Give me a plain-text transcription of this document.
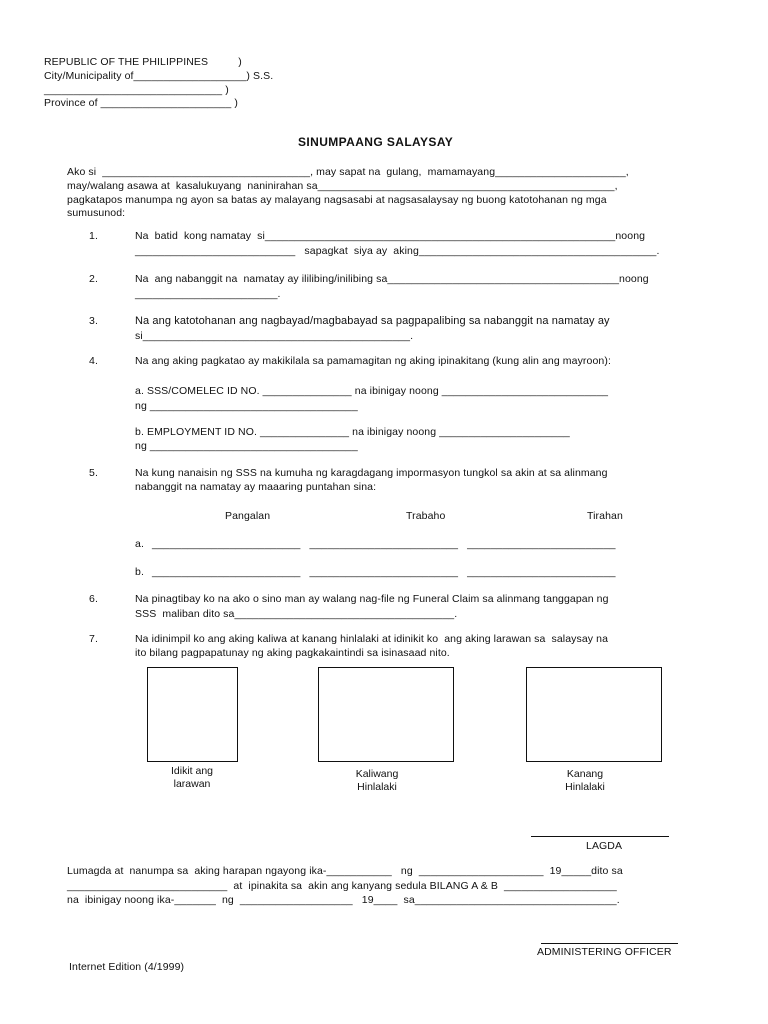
REPUBLIC OF THE PHILIPPINES          )
City/Municipality of___________________) S.S.
______________________________ )
Province of ______________________ )
SINUMPAANG SALAYSAY
Ako si  ___________________________________, may sapat na  gulang,  mamamayang______________________,
may/walang asawa at  kasalukuyang  naninirahan sa__________________________________________________,
pagkatapos manumpa ng ayon sa batas ay malayang nagsasabi at nagsasalaysay ng buong katotohanan ng mga
sumusunod:
1.	Na  batid  kong namatay  si___________________________________________________________noong
___________________________   sapagkat  siya ay  aking________________________________________.
2.	Na  ang nabanggit na  namatay ay ililibing/inilibing sa_______________________________________noong
________________________.
3.	Na ang katotohanan ang nagbayad/magbabayad sa pagpapalibing sa nabanggit na namatay ay
si_____________________________________________.
4.	Na ang aking pagkatao ay makikilala sa pamamagitan ng aking ipinakitang (kung alin ang mayroon):
a. SSS/COMELEC ID NO. _______________ na ibinigay noong ____________________________
ng ___________________________________
b. EMPLOYMENT ID NO. _______________ na ibinigay noong ______________________
ng ___________________________________
5.	Na kung nanaisin ng SSS na kumuha ng karagdagang impormasyon tungkol sa akin at sa alinmang
nabanggit na namatay ay maaaring puntahan sina:
Pangalan	Trabaho	Tirahan
a. _________________________   _________________________   _________________________
b. _________________________   _________________________   _________________________
6.	Na pinagtibay ko na ako o sino man ay walang nag-file ng Funeral Claim sa alinmang tanggapan ng
SSS  maliban dito sa_____________________________________.
7.	Na idinimpil ko ang aking kaliwa at kanang hinlalaki at idinikit ko  ang aking larawan sa  salaysay na
ito bilang pagpapatunay ng aking pagkakaintindi sa isinasaad nito.
Idikit ang
larawan
Kaliwang
Hinlalaki
Kanang
Hinlalaki
LAGDA
Lumagda at  nanumpa sa  aking harapan ngayong ika-___________   ng  _____________________  19_____dito sa
___________________________  at  ipinakita sa  akin ang kanyang sedula BILANG A & B  ___________________
na  ibinigay noong ika-_______  ng  ___________________   19____  sa__________________________________.
ADMINISTERING OFFICER
Internet Edition (4/1999)
